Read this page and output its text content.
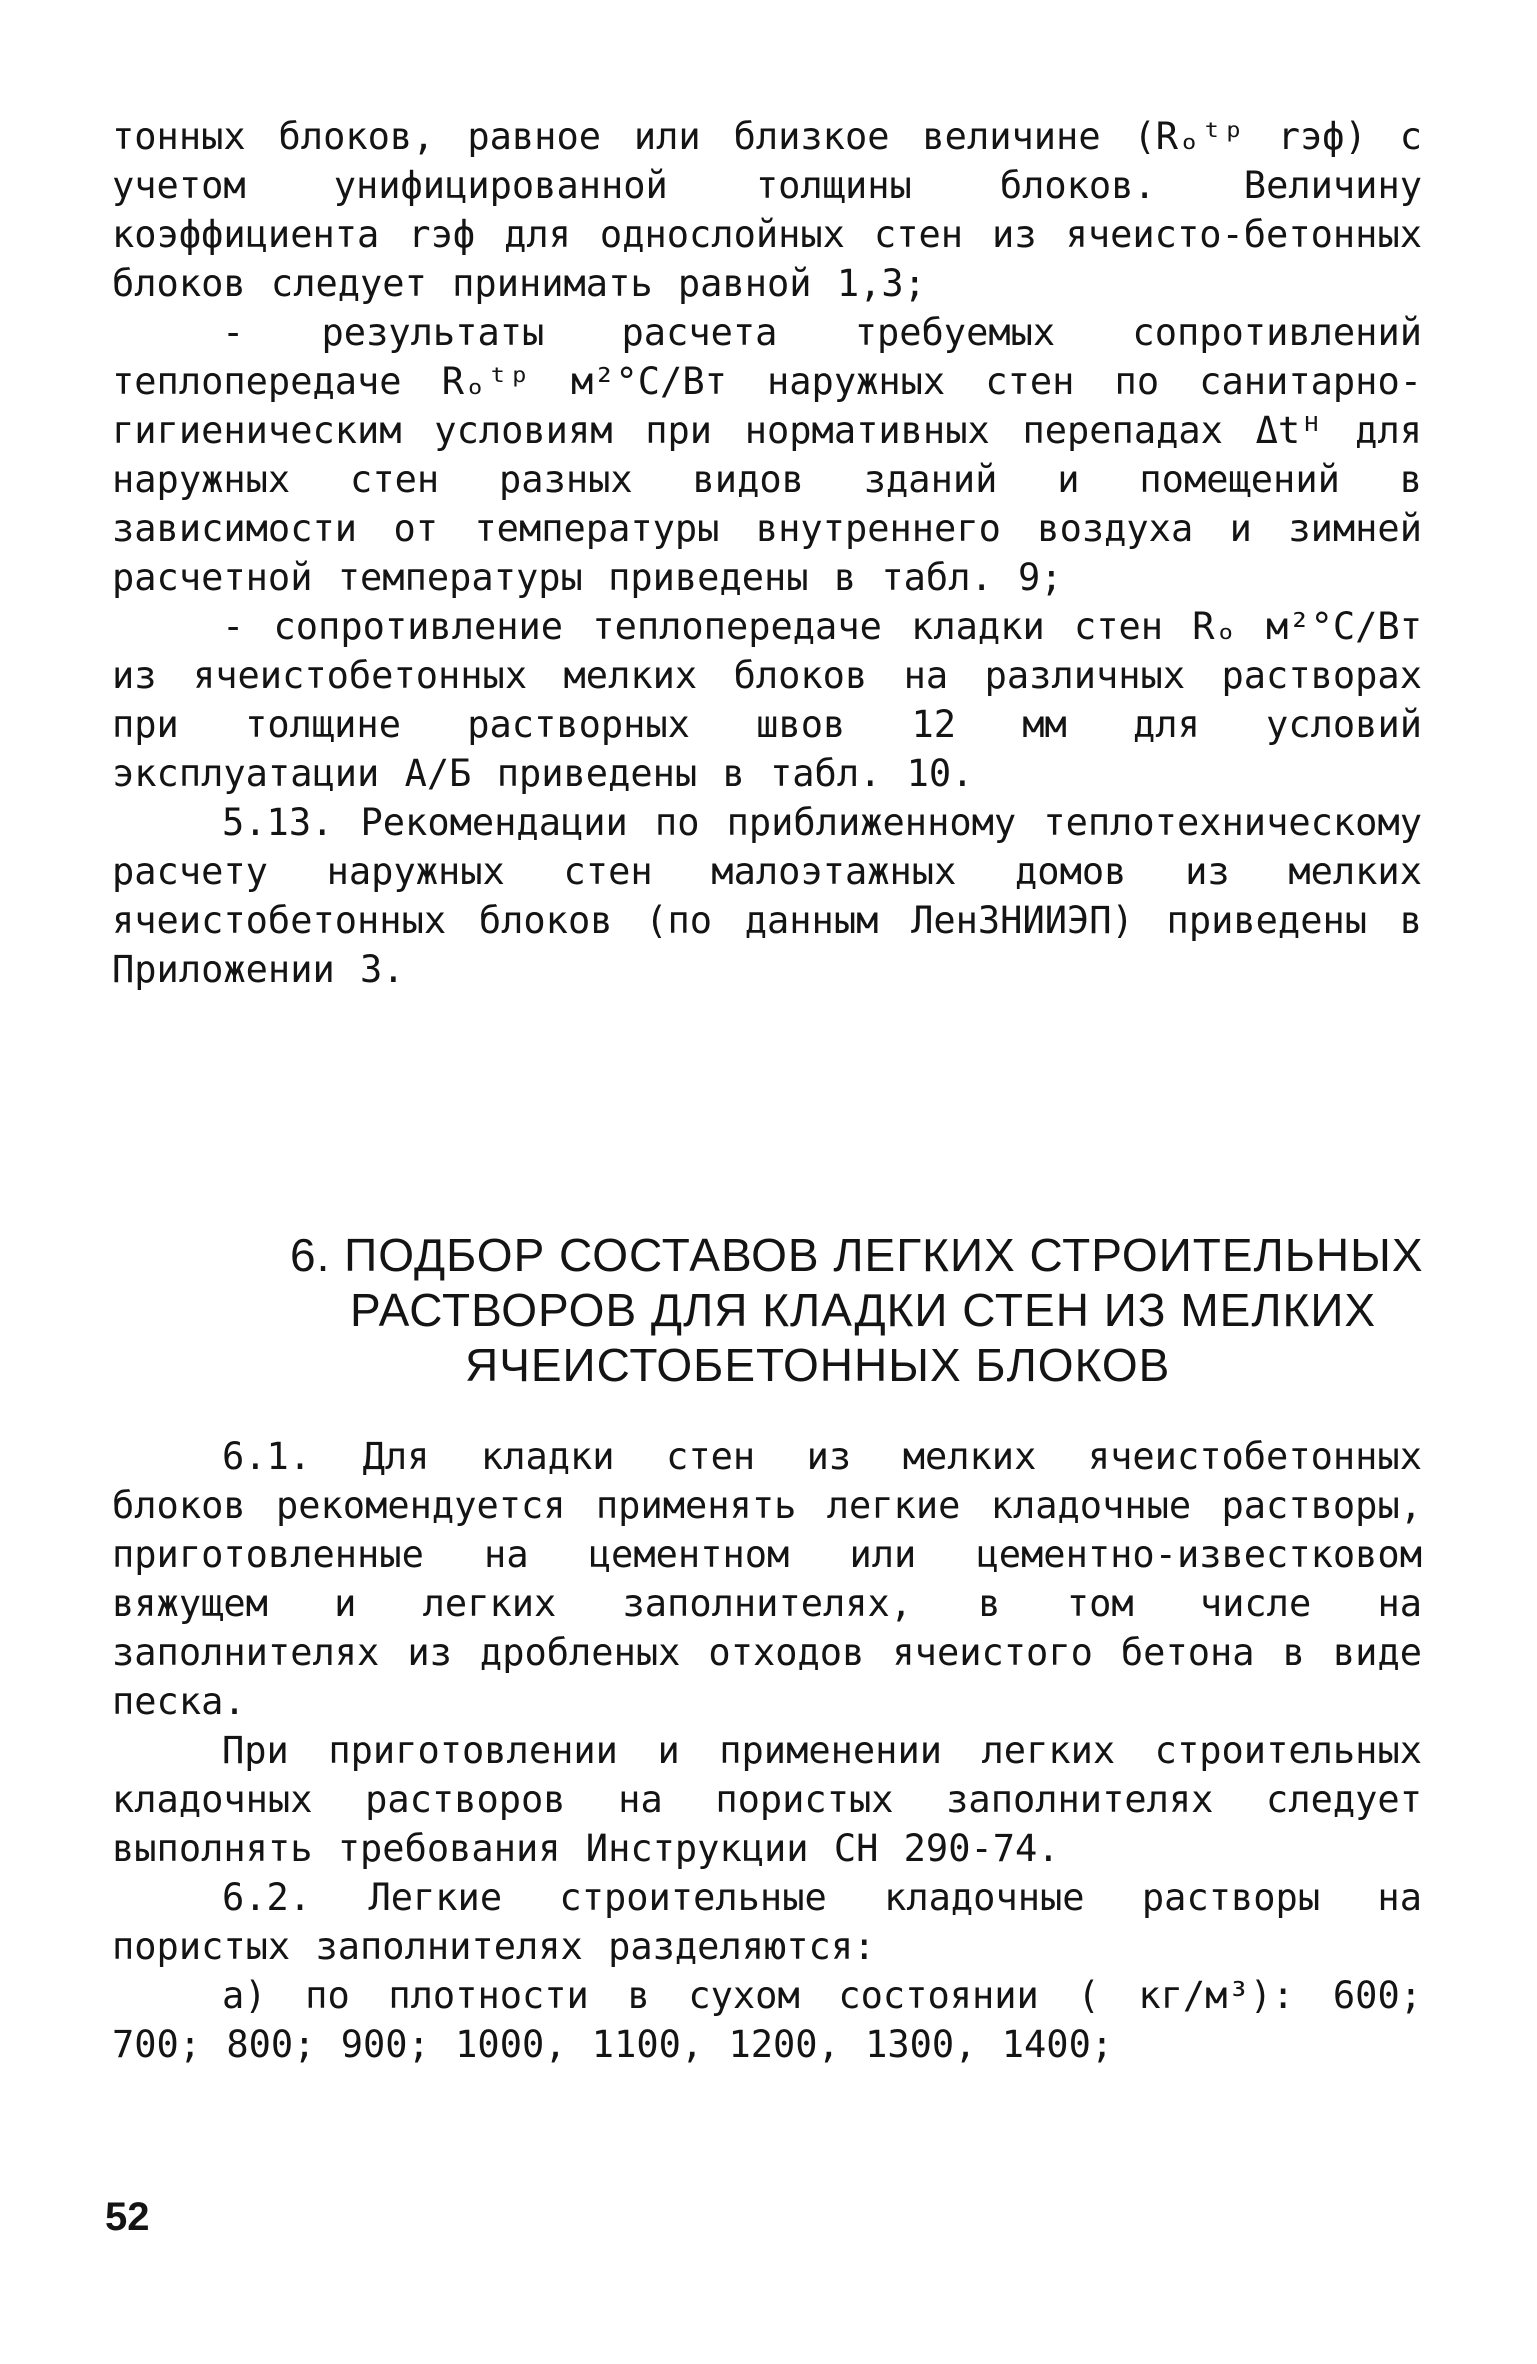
тонных блоков, равное или близкое величине (Rₒᵗᵖ rэф) с учетом унифицированной толщины блоков. Величину коэффициента rэф для однослойных стен из ячеисто-бетонных блоков следует принимать равной 1,3;

- результаты расчета требуемых сопротивлений теплопередаче Rₒᵗᵖ м²°С/Вт наружных стен по санитарно-гигиеническим условиям при нормативных перепадах Δtᴴ для наружных стен разных видов зданий и помещений в зависимости от температуры внутреннего воздуха и зимней расчетной температуры приведены в табл. 9;

- сопротивление теплопередаче кладки стен Rₒ м²°С/Вт из ячеистобетонных мелких блоков на различных растворах при толщине растворных швов 12 мм для условий эксплуатации А/Б приведены в табл. 10.

5.13. Рекомендации по приближенному теплотехническому расчету наружных стен малоэтажных домов из мелких ячеистобетонных блоков (по данным ЛенЗНИИЭП) приведены в Приложении 3.

6. ПОДБОР СОСТАВОВ ЛЕГКИХ СТРОИТЕЛЬНЫХ
РАСТВОРОВ ДЛЯ КЛАДКИ СТЕН ИЗ МЕЛКИХ
ЯЧЕИСТОБЕТОННЫХ БЛОКОВ

6.1. Для кладки стен из мелких ячеистобетонных блоков рекомендуется применять легкие кладочные растворы, приготовленные на цементном или цементно-известковом вяжущем и легких заполнителях, в том числе на заполнителях из дробленых отходов ячеистого бетона в виде песка.

При приготовлении и применении легких строительных кладочных растворов на пористых заполнителях следует выполнять требования Инструкции СН 290-74.

6.2. Легкие строительные кладочные растворы на пористых заполнителях разделяются:

а) по плотности в сухом состоянии ( кг/м³): 600; 700; 800; 900; 1000, 1100, 1200, 1300, 1400;

52
